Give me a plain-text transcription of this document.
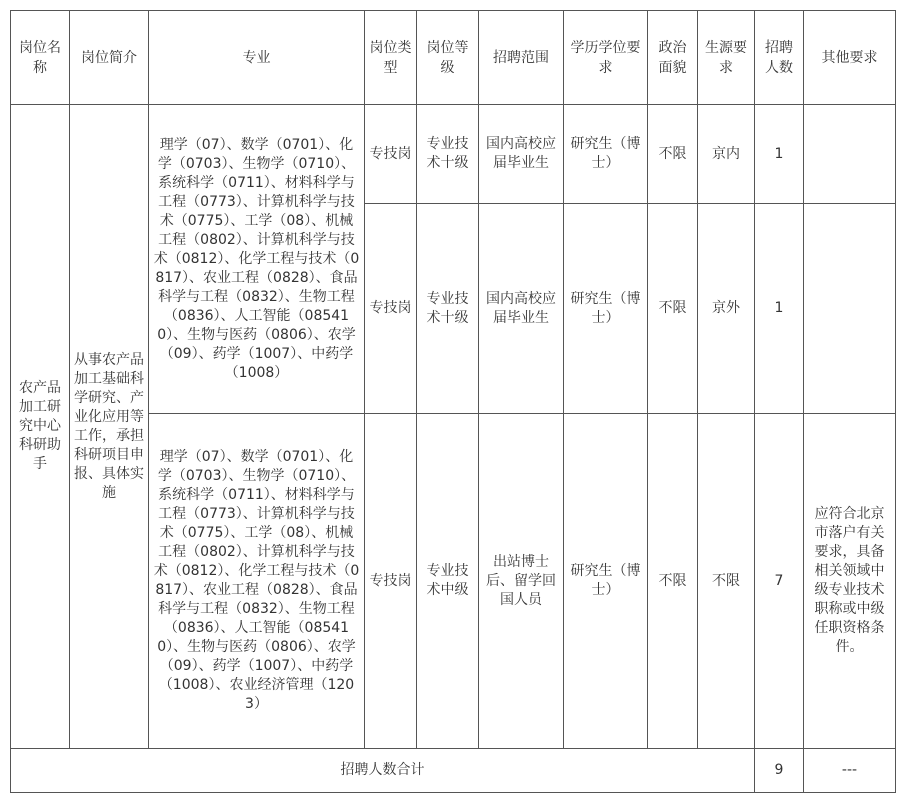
岗位名称	岗位简介	专业	岗位类型	岗位等级	招聘范围	学历学位要求	政治面貌	生源要求	招聘人数	其他要求
农产品加工研究中心科研助手	从事农产品加工基础科学研究、产业化应用等工作，承担科研项目申报、具体实施	理学（07）、数学（0701）、化学（0703）、生物学（0710）、系统科学（0711）、材料科学与工程（0773）、计算机科学与技术（0775）、工学（08）、机械工程（0802）、计算机科学与技术（0812）、化学工程与技术（0817）、农业工程（0828）、食品科学与工程（0832）、生物工程（0836）、人工智能（085410）、生物与医药（0806）、农学（09）、药学（1007）、中药学（1008）	专技岗	专业技术十级	国内高校应届毕业生	研究生（博士）	不限	京内	1	
			专技岗	专业技术十级	国内高校应届毕业生	研究生（博士）	不限	京外	1	
		理学（07）、数学（0701）、化学（0703）、生物学（0710）、系统科学（0711）、材料科学与工程（0773）、计算机科学与技术（0775）、工学（08）、机械工程（0802）、计算机科学与技术（0812）、化学工程与技术（0817）、农业工程（0828）、食品科学与工程（0832）、生物工程（0836）、人工智能（085410）、生物与医药（0806）、农学（09）、药学（1007）、中药学（1008）、农业经济管理（1203）	专技岗	专业技术中级	出站博士后、留学回国人员	研究生（博士）	不限	不限	7	应符合北京市落户有关要求，具备相关领域中级专业技术职称或中级任职资格条件。
招聘人数合计									9	---
